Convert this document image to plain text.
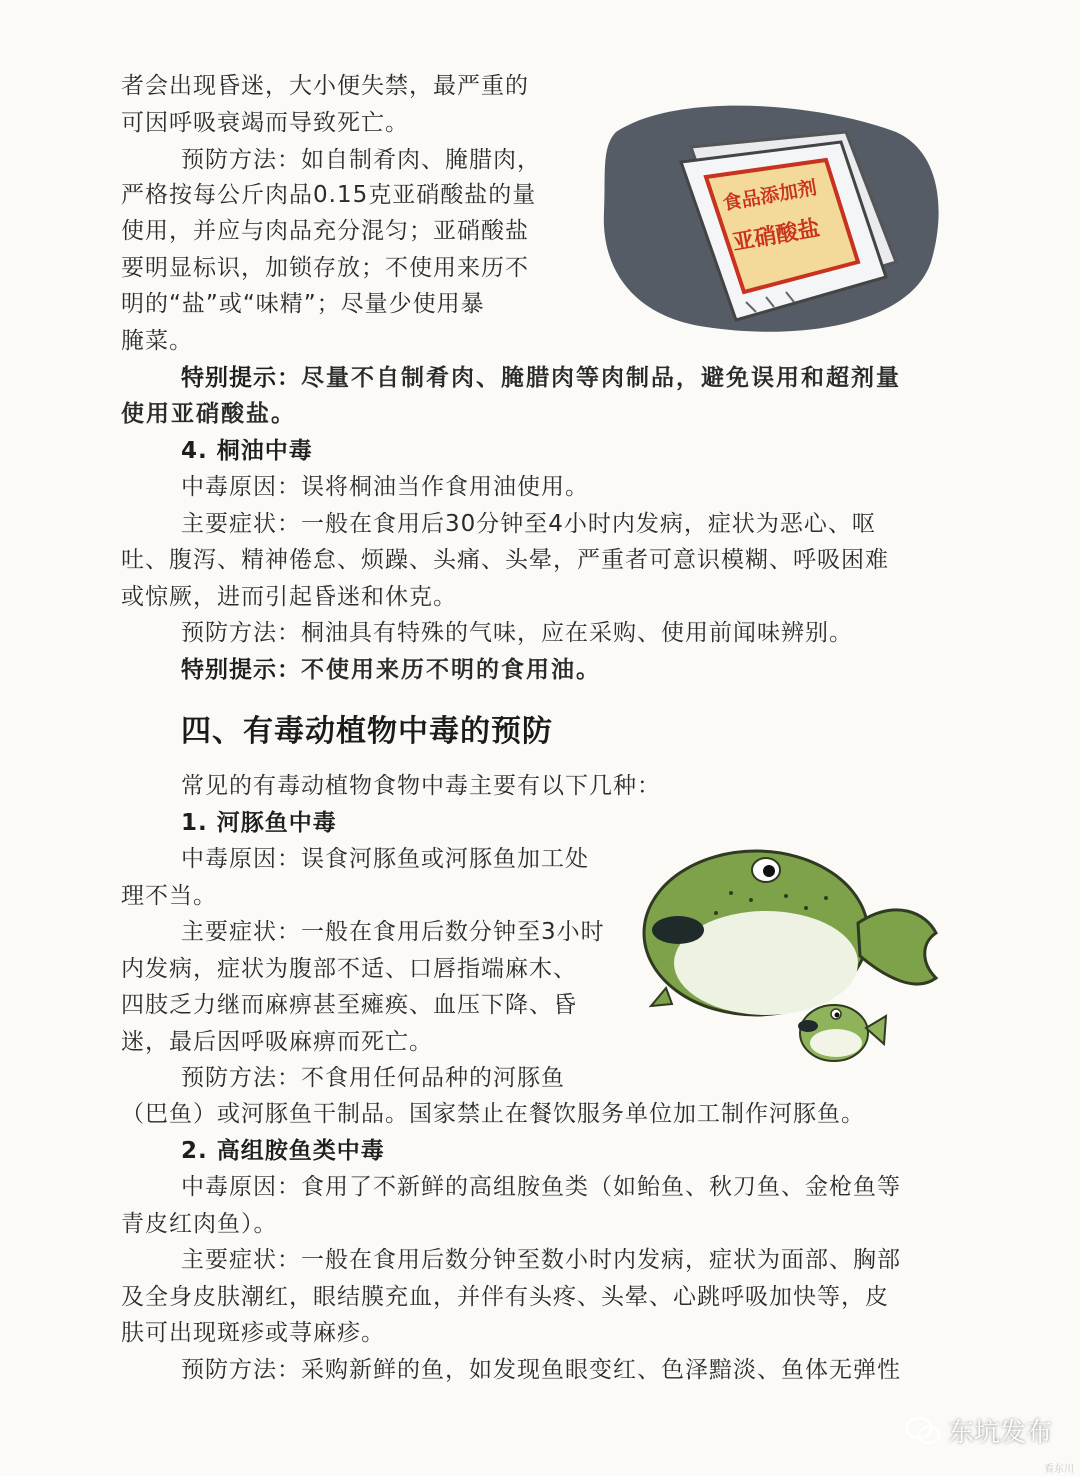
者会出现昏迷，大小便失禁，最严重的
可因呼吸衰竭而导致死亡。
预防方法：如自制肴肉、腌腊肉，
严格按每公斤肉品0.15克亚硝酸盐的量
使用，并应与肉品充分混匀；亚硝酸盐
要明显标识，加锁存放；不使用来历不
明的“盐”或“味精”；尽量少使用暴
腌菜。
特别提示：尽量不自制肴肉、腌腊肉等肉制品，避免误用和超剂量
使用亚硝酸盐。
食品添加剂
亚硝酸盐
4. 桐油中毒
中毒原因：误将桐油当作食用油使用。
主要症状：一般在食用后30分钟至4小时内发病，症状为恶心、呕
吐、腹泻、精神倦怠、烦躁、头痛、头晕，严重者可意识模糊、呼吸困难
或惊厥，进而引起昏迷和休克。
预防方法：桐油具有特殊的气味，应在采购、使用前闻味辨别。
特别提示：不使用来历不明的食用油。
四、有毒动植物中毒的预防
常见的有毒动植物食物中毒主要有以下几种：
1. 河豚鱼中毒
中毒原因：误食河豚鱼或河豚鱼加工处
理不当。
主要症状：一般在食用后数分钟至3小时
内发病，症状为腹部不适、口唇指端麻木、
四肢乏力继而麻痹甚至瘫痪、血压下降、昏
迷，最后因呼吸麻痹而死亡。
预防方法：不食用任何品种的河豚鱼
（巴鱼）或河豚鱼干制品。国家禁止在餐饮服务单位加工制作河豚鱼。
2. 高组胺鱼类中毒
中毒原因：食用了不新鲜的高组胺鱼类（如鲐鱼、秋刀鱼、金枪鱼等
青皮红肉鱼）。
主要症状：一般在食用后数分钟至数小时内发病，症状为面部、胸部
及全身皮肤潮红，眼结膜充血，并伴有头疼、头晕、心跳呼吸加快等，皮
肤可出现斑疹或荨麻疹。
预防方法：采购新鲜的鱼，如发现鱼眼变红、色泽黯淡、鱼体无弹性
东坑发布
看东川
